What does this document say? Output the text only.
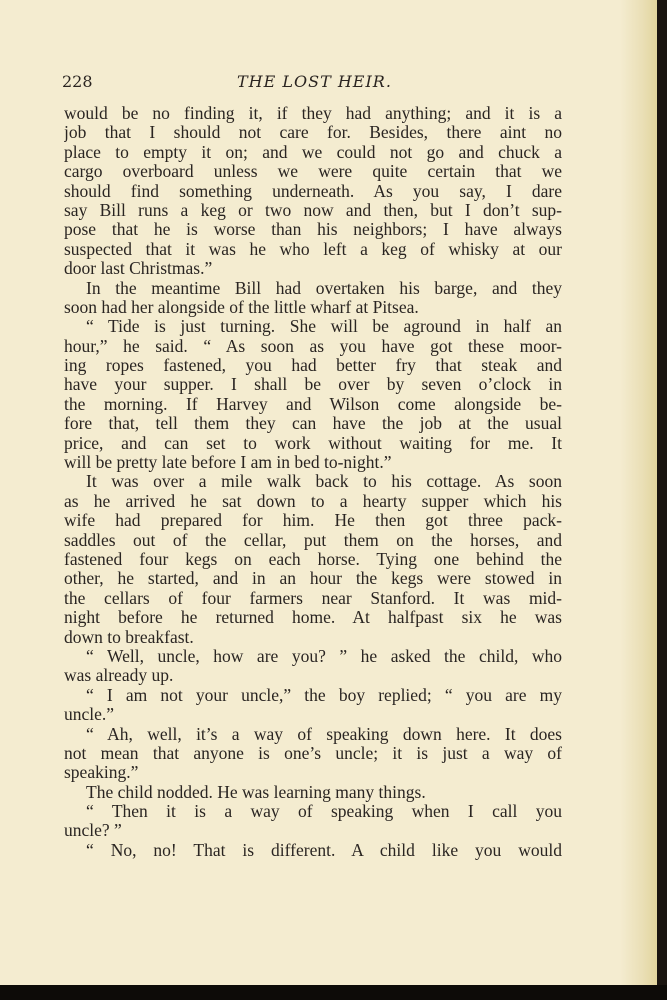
228	THE LOST HEIR.
would be no finding it, if they had anything; and it is a
job that I should not care for. Besides, there aint no
place to empty it on; and we could not go and chuck a
cargo overboard unless we were quite certain that we
should find something underneath. As you say, I dare
say Bill runs a keg or two now and then, but I don’t sup-
pose that he is worse than his neighbors; I have always
suspected that it was he who left a keg of whisky at our
door last Christmas.”
In the meantime Bill had overtaken his barge, and they
soon had her alongside of the little wharf at Pitsea.
“ Tide is just turning. She will be aground in half an
hour,” he said. “ As soon as you have got these moor-
ing ropes fastened, you had better fry that steak and
have your supper. I shall be over by seven o’clock in
the morning. If Harvey and Wilson come alongside be-
fore that, tell them they can have the job at the usual
price, and can set to work without waiting for me. It
will be pretty late before I am in bed to-night.”
It was over a mile walk back to his cottage. As soon
as he arrived he sat down to a hearty supper which his
wife had prepared for him. He then got three pack-
saddles out of the cellar, put them on the horses, and
fastened four kegs on each horse. Tying one behind the
other, he started, and in an hour the kegs were stowed in
the cellars of four farmers near Stanford. It was mid-
night before he returned home. At halfpast six he was
down to breakfast.
“ Well, uncle, how are you? ” he asked the child, who
was already up.
“ I am not your uncle,” the boy replied; “ you are my
uncle.”
“ Ah, well, it’s a way of speaking down here. It does
not mean that anyone is one’s uncle; it is just a way of
speaking.”
The child nodded. He was learning many things.
“ Then it is a way of speaking when I call you
uncle? ”
“ No, no! That is different. A child like you would
